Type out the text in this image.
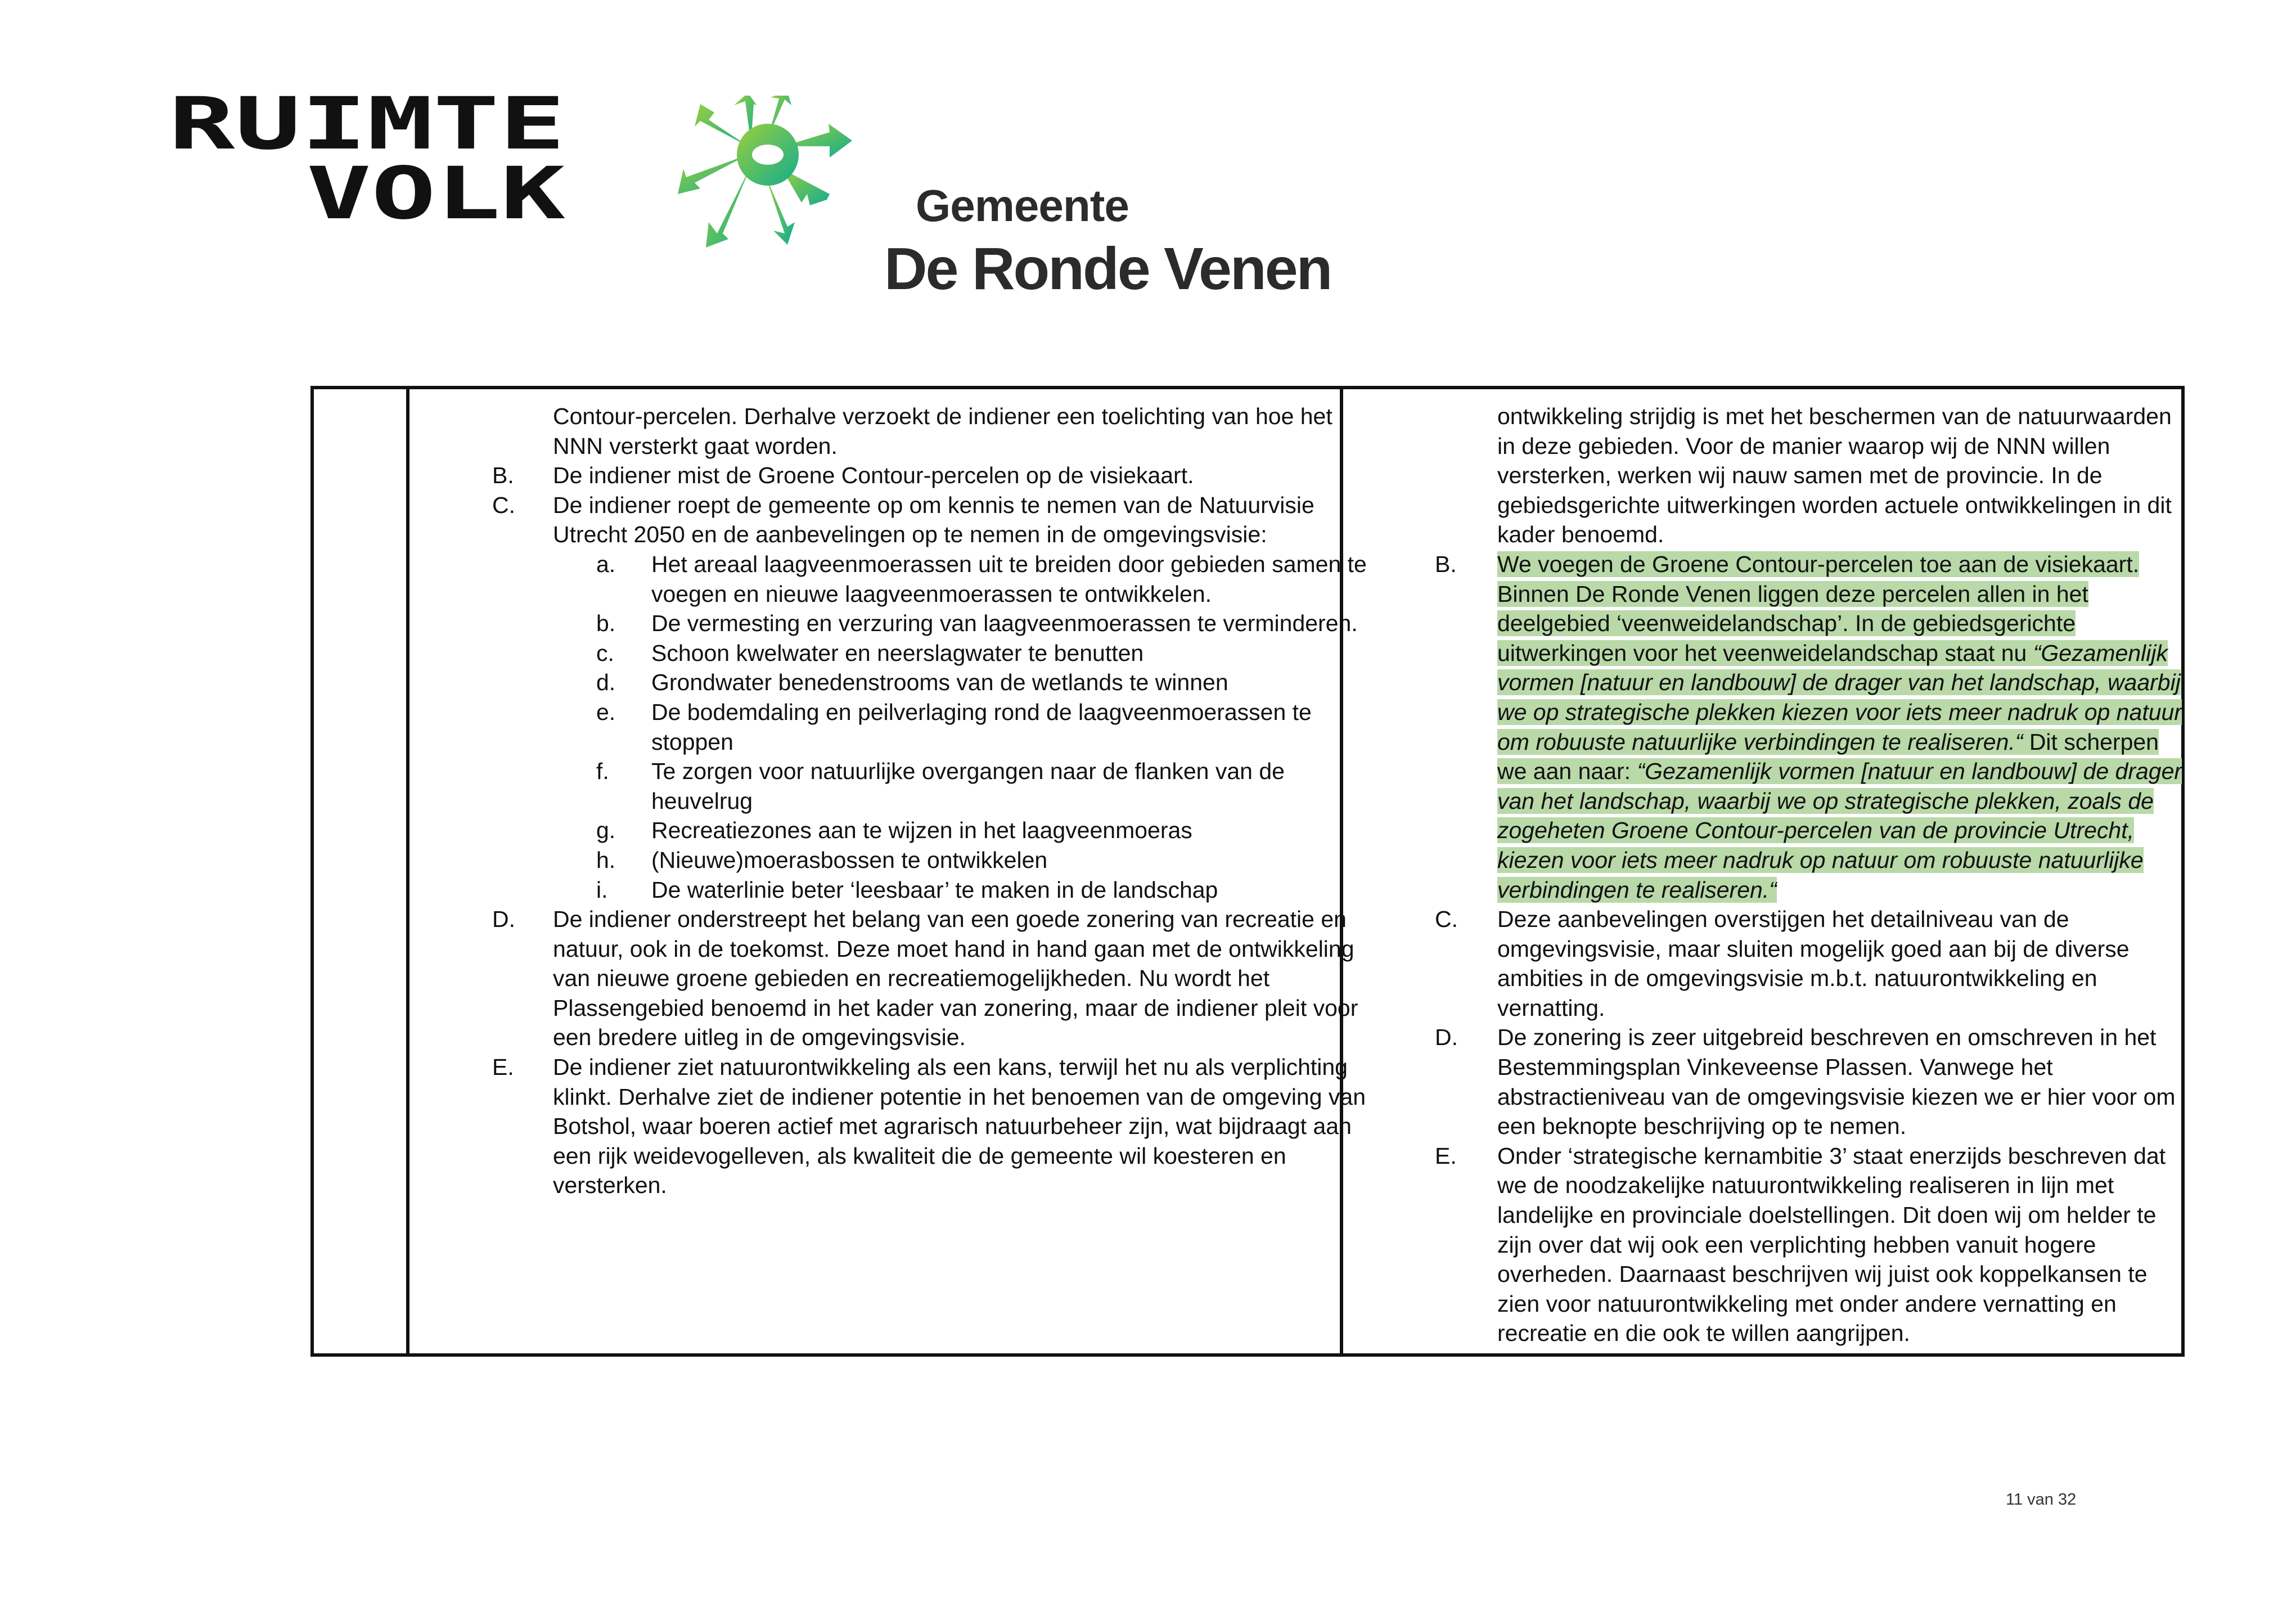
RUIMTE
VOLK	Gemeente
De Ronde Venen
Contour-percelen. Derhalve verzoekt de indiener een toelichting van hoe het NNN versterkt gaat worden.
B. De indiener mist de Groene Contour-percelen op de visiekaart.
C. De indiener roept de gemeente op om kennis te nemen van de Natuurvisie Utrecht 2050 en de aanbevelingen op te nemen in de omgevingsvisie:
a. Het areaal laagveenmoerassen uit te breiden door gebieden samen te voegen en nieuwe laagveenmoerassen te ontwikkelen.
b. De vermesting en verzuring van laagveenmoerassen te verminderen.
c. Schoon kwelwater en neerslagwater te benutten
d. Grondwater benedenstrooms van de wetlands te winnen
e. De bodemdaling en peilverlaging rond de laagveenmoerassen te stoppen
f. Te zorgen voor natuurlijke overgangen naar de flanken van de heuvelrug
g. Recreatiezones aan te wijzen in het laagveenmoeras
h. (Nieuwe)moerasbossen te ontwikkelen
i. De waterlinie beter ‘leesbaar’ te maken in de landschap
D. De indiener onderstreept het belang van een goede zonering van recreatie en natuur, ook in de toekomst. Deze moet hand in hand gaan met de ontwikkeling van nieuwe groene gebieden en recreatiemogelijkheden. Nu wordt het Plassengebied benoemd in het kader van zonering, maar de indiener pleit voor een bredere uitleg in de omgevingsvisie.
E. De indiener ziet natuurontwikkeling als een kans, terwijl het nu als verplichting klinkt. Derhalve ziet de indiener potentie in het benoemen van de omgeving van Botshol, waar boeren actief met agrarisch natuurbeheer zijn, wat bijdraagt aan een rijk weidevogelleven, als kwaliteit die de gemeente wil koesteren en versterken.
ontwikkeling strijdig is met het beschermen van de natuurwaarden in deze gebieden. Voor de manier waarop wij de NNN willen versterken, werken wij nauw samen met de provincie. In de gebiedsgerichte uitwerkingen worden actuele ontwikkelingen in dit kader benoemd.
B. We voegen de Groene Contour-percelen toe aan de visiekaart. Binnen De Ronde Venen liggen deze percelen allen in het deelgebied ‘veenweidelandschap’. In de gebiedsgerichte uitwerkingen voor het veenweidelandschap staat nu “Gezamenlijk vormen [natuur en landbouw] de drager van het landschap, waarbij we op strategische plekken kiezen voor iets meer nadruk op natuur om robuuste natuurlijke verbindingen te realiseren.“ Dit scherpen we aan naar: “Gezamenlijk vormen [natuur en landbouw] de drager van het landschap, waarbij we op strategische plekken, zoals de zogeheten Groene Contour-percelen van de provincie Utrecht, kiezen voor iets meer nadruk op natuur om robuuste natuurlijke verbindingen te realiseren.“
C. Deze aanbevelingen overstijgen het detailniveau van de omgevingsvisie, maar sluiten mogelijk goed aan bij de diverse ambities in de omgevingsvisie m.b.t. natuurontwikkeling en vernatting.
D. De zonering is zeer uitgebreid beschreven en omschreven in het Bestemmingsplan Vinkeveense Plassen. Vanwege het abstractieniveau van de omgevingsvisie kiezen we er hier voor om een beknopte beschrijving op te nemen.
E. Onder ‘strategische kernambitie 3’ staat enerzijds beschreven dat we de noodzakelijke natuurontwikkeling realiseren in lijn met landelijke en provinciale doelstellingen. Dit doen wij om helder te zijn over dat wij ook een verplichting hebben vanuit hogere overheden. Daarnaast beschrijven wij juist ook koppelkansen te zien voor natuurontwikkeling met onder andere vernatting en recreatie en die ook te willen aangrijpen.
11 van 32
